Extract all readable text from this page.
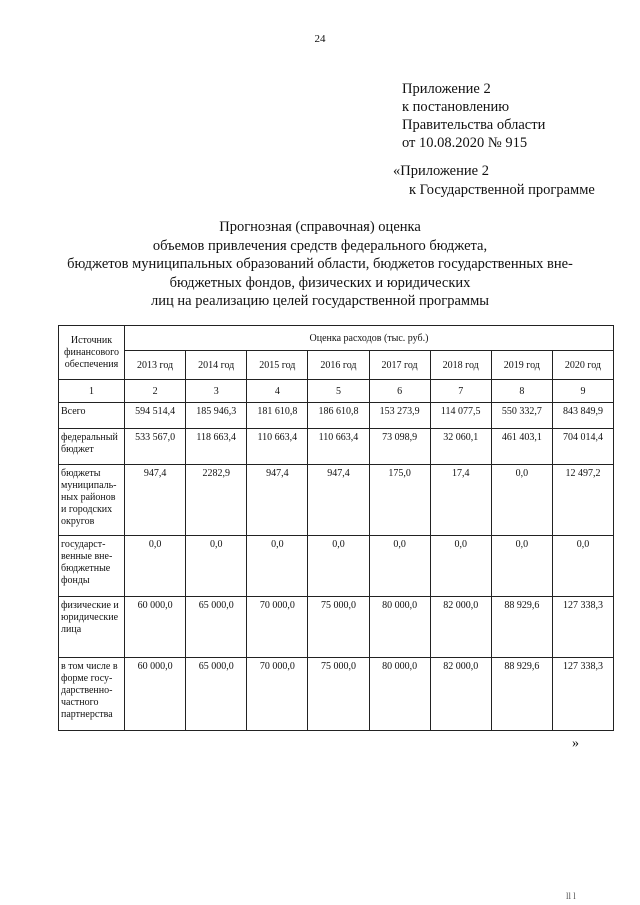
24
Приложение 2
к постановлению
Правительства области
от 10.08.2020 № 915
«Приложение 2
к Государственной программе
Прогнозная (справочная) оценка
объемов привлечения средств федерального бюджета,
бюджетов муниципальных образований области, бюджетов государственных вне-
бюджетных фондов, физических и юридических
лиц на реализацию целей государственной программы
Источник финансового обеспечения	Оценка расходов (тыс. руб.)							
	2013 год	2014 год	2015 год	2016 год	2017 год	2018 год	2019 год	2020 год
1	2	3	4	5	6	7	8	9
Всего	594 514,4	185 946,3	181 610,8	186 610,8	153 273,9	114 077,5	550 332,7	843 849,9
федеральный бюджет	533 567,0	118 663,4	110 663,4	110 663,4	73 098,9	32 060,1	461 403,1	704 014,4
бюджеты муниципаль-ных районов и городских округов	947,4	2282,9	947,4	947,4	175,0	17,4	0,0	12 497,2
государст-венные вне-бюджетные фонды	0,0	0,0	0,0	0,0	0,0	0,0	0,0	0,0
физические и юридические лица	60 000,0	65 000,0	70 000,0	75 000,0	80 000,0	82 000,0	88 929,6	127 338,3
в том числе в форме госу-дарственно-частного партнерства	60 000,0	65 000,0	70 000,0	75 000,0	80 000,0	82 000,0	88 929,6	127 338,3
»
ll l
